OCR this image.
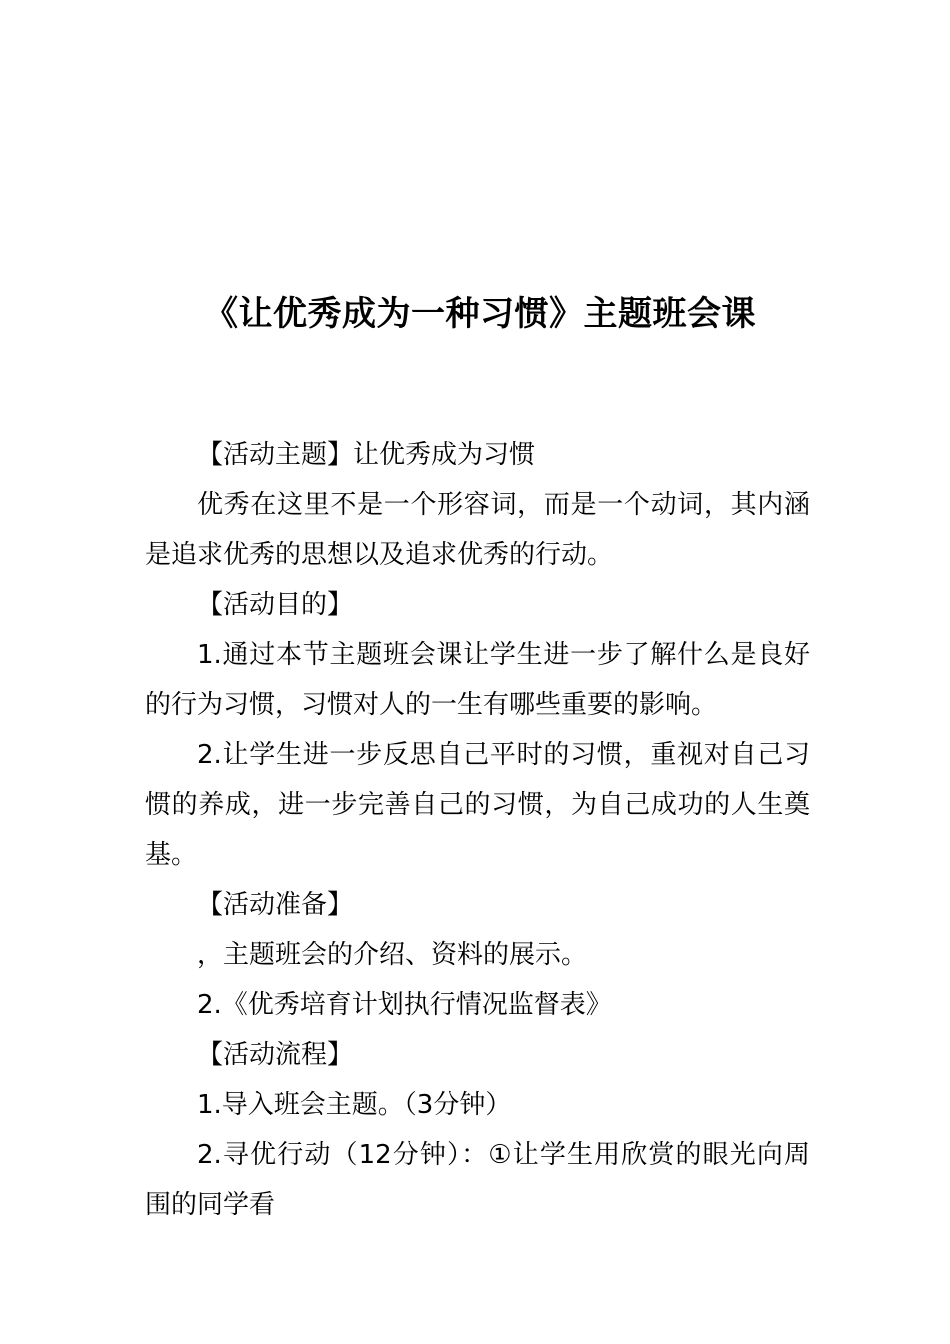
《让优秀成为一种习惯》主题班会课

【活动主题】让优秀成为习惯

优秀在这里不是一个形容词，而是一个动词，其内涵是追求优秀的思想以及追求优秀的行动。

【活动目的】

1.通过本节主题班会课让学生进一步了解什么是良好的行为习惯，习惯对人的一生有哪些重要的影响。

2.让学生进一步反思自己平时的习惯，重视对自己习惯的养成，进一步完善自己的习惯，为自己成功的人生奠基。

【活动准备】

，主题班会的介绍、资料的展示。

2.《优秀培育计划执行情况监督表》

【活动流程】

1.导入班会主题。（3分钟）

2.寻优行动（12分钟）：①让学生用欣赏的眼光向周围的同学看
